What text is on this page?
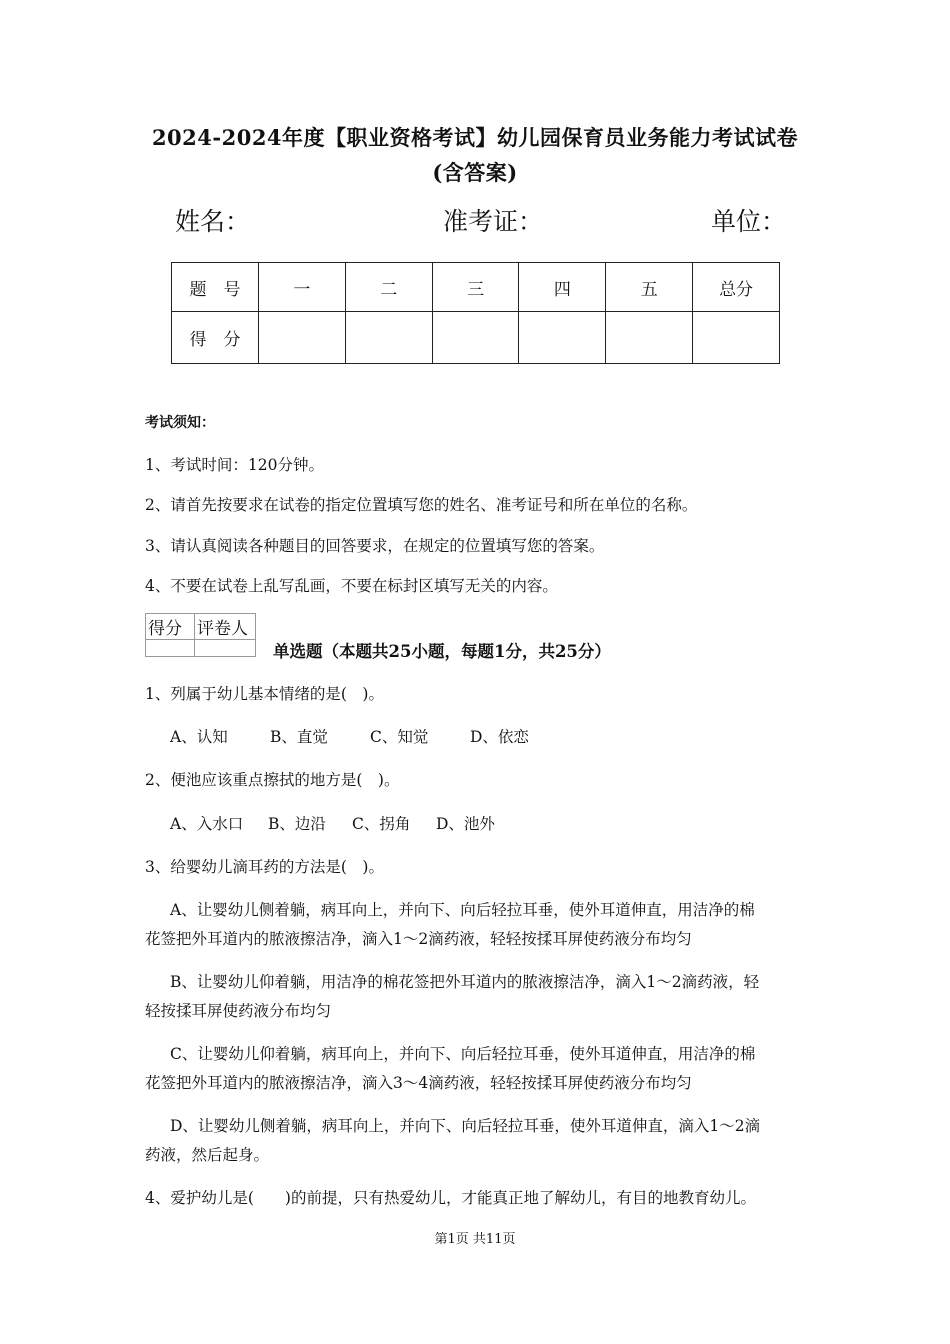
2024-2024年度【职业资格考试】幼儿园保育员业务能力考试试卷
(含答案)
姓名：	准考证：	单位：
题　号	一	二	三	四	五	总分
得　分						
考试须知：
1、考试时间：120分钟。
2、请首先按要求在试卷的指定位置填写您的姓名、准考证号和所在单位的名称。
3、请认真阅读各种题目的回答要求，在规定的位置填写您的答案。
4、不要在试卷上乱写乱画，不要在标封区填写无关的内容。
得分	评卷人

单选题（本题共25小题，每题1分，共25分）
1、列属于幼儿基本情绪的是(　)。
A、认知	B、直觉	C、知觉	D、依恋
2、便池应该重点擦拭的地方是(　)。
A、入水口 B、边沿 C、拐角 D、池外
3、给婴幼儿滴耳药的方法是(　)。
A、让婴幼儿侧着躺，病耳向上，并向下、向后轻拉耳垂，使外耳道伸直，用洁净的棉
花签把外耳道内的脓液擦洁净，滴入1～2滴药液，轻轻按揉耳屏使药液分布均匀
B、让婴幼儿仰着躺，用洁净的棉花签把外耳道内的脓液擦洁净，滴入1～2滴药液，轻
轻按揉耳屏使药液分布均匀
C、让婴幼儿仰着躺，病耳向上，并向下、向后轻拉耳垂，使外耳道伸直，用洁净的棉
花签把外耳道内的脓液擦洁净，滴入3～4滴药液，轻轻按揉耳屏使药液分布均匀
D、让婴幼儿侧着躺，病耳向上，并向下、向后轻拉耳垂，使外耳道伸直，滴入1～2滴
药液，然后起身。
4、爱护幼儿是(　　)的前提，只有热爱幼儿，才能真正地了解幼儿，有目的地教育幼儿。
第1页 共11页
